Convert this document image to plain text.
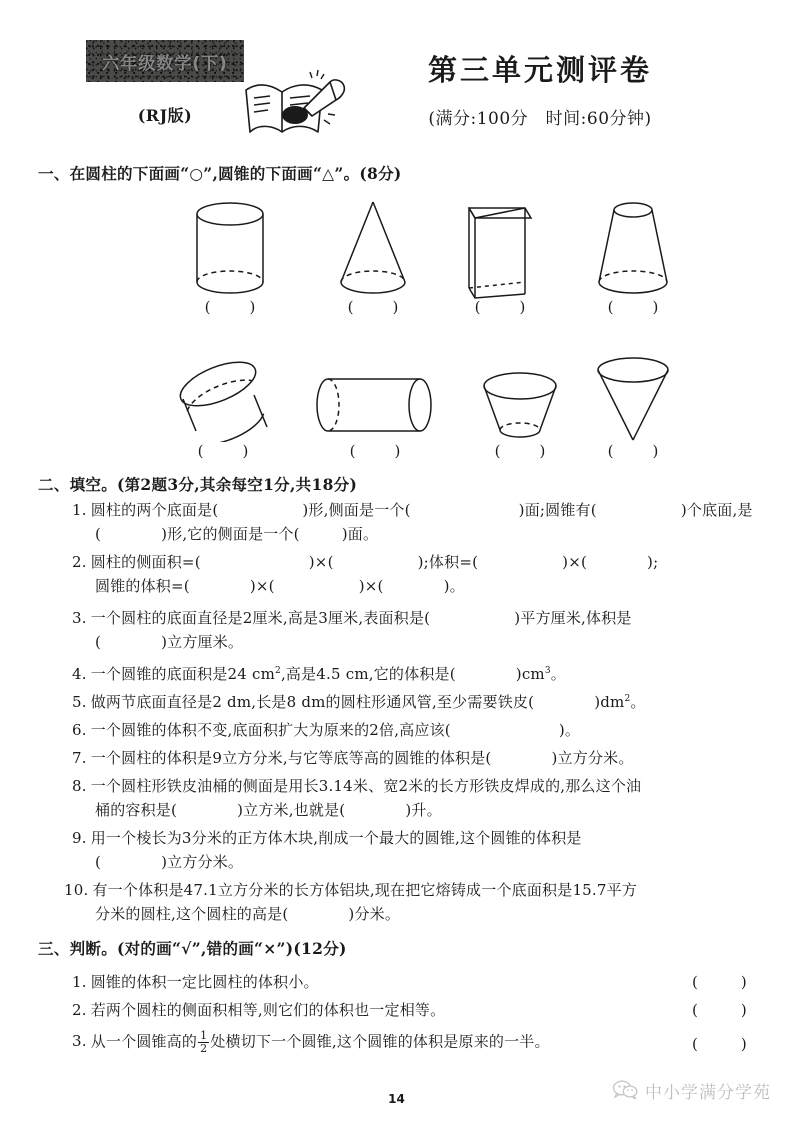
六年级数学(下)
(RJ版)
第三单元测评卷
(满分:100分　时间:60分钟)
一、在圆柱的下面画“○”,圆锥的下面画“△”。(8分)
(　)	(　)	(　)	(　)
(　)	(　)	(　)	(　)
二、填空。(第2题3分,其余每空1分,共18分)
1. 圆柱的两个底面是(	)形,侧面是一个(	)面;圆锥有(	)个底面,是
(	)形,它的侧面是一个(	)面。
2. 圆柱的侧面积=(	)×(	);体积=(	)×(	);
圆锥的体积=(	)×(	)×(	)。
3. 一个圆柱的底面直径是2厘米,高是3厘米,表面积是(	)平方厘米,体积是
(	)立方厘米。
4. 一个圆锥的底面积是24 $cm^2$,高是4.5 cm,它的体积是(	)$cm^3$。
5. 做两节底面直径是2 dm,长是8 dm的圆柱形通风管,至少需要铁皮(	)$dm^2$。
6. 一个圆锥的体积不变,底面积扩大为原来的2倍,高应该(	)。
7. 一个圆柱的体积是9立方分米,与它等底等高的圆锥的体积是(	)立方分米。
8. 一个圆柱形铁皮油桶的侧面是用长3.14米、宽2米的长方形铁皮焊成的,那么这个油
桶的容积是(	)立方米,也就是(	)升。
9. 用一个棱长为3分米的正方体木块,削成一个最大的圆锥,这个圆锥的体积是
(	)立方分米。
10. 有一个体积是47.1立方分米的长方体铝块,现在把它熔铸成一个底面积是15.7平方
分米的圆柱,这个圆柱的高是(	)分米。
三、判断。(对的画“√”,错的画“×”)(12分)
1. 圆锥的体积一定比圆柱的体积小。	(　)
2. 若两个圆柱的侧面积相等,则它们的体积也一定相等。	(　)
3. 从一个圆锥高的 $\frac{1}{2}$ 处横切下一个圆锥,这个圆锥的体积是原来的一半。	(　)
14	中小学满分学苑
